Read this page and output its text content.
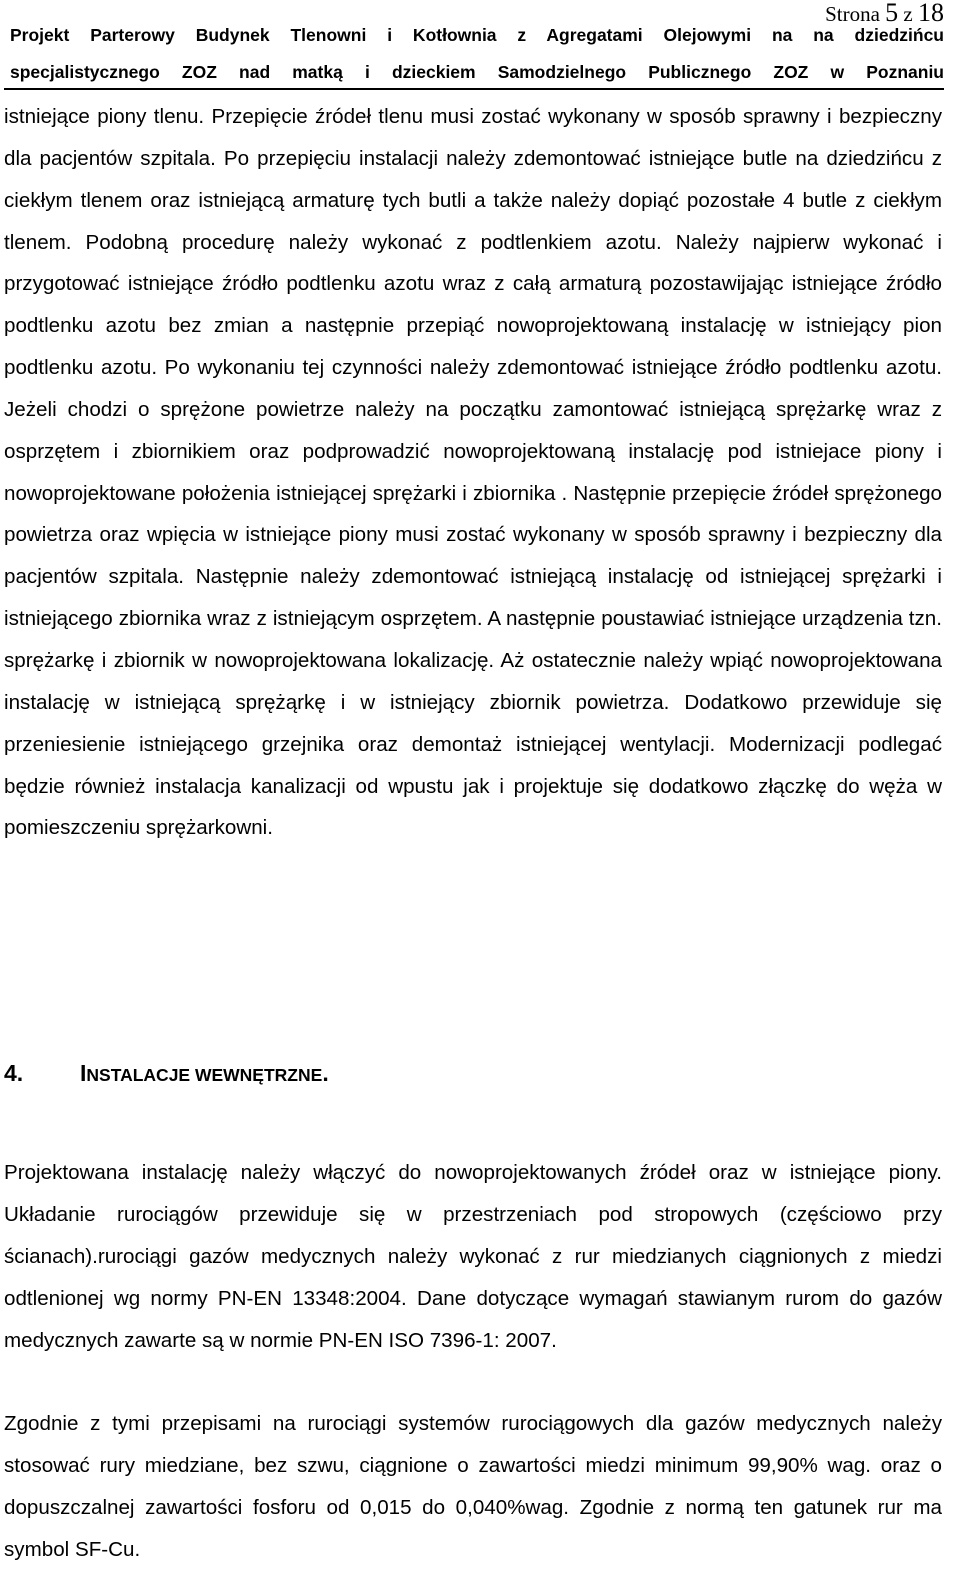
Strona 5 z 18
Projekt Parterowy Budynek Tlenowni i Kotłownia z Agregatami Olejowymi na na dziedzińcu
specjalistycznego ZOZ nad matką i dzieckiem Samodzielnego Publicznego ZOZ w Poznaniu
istniejące piony tlenu. Przepięcie źródeł tlenu musi zostać wykonany w sposób sprawny i bezpieczny dla pacjentów szpitala. Po przepięciu instalacji należy zdemontować istniejące butle na dziedzińcu z ciekłym tlenem oraz istniejącą armaturę tych butli a także należy dopiąć pozostałe 4 butle z ciekłym tlenem. Podobną procedurę należy wykonać z podtlenkiem azotu. Należy najpierw wykonać i przygotować istniejące źródło podtlenku azotu wraz z całą armaturą pozostawijając istniejące źródło podtlenku azotu bez zmian a następnie przepiąć nowoprojektowaną instalację w istniejący pion podtlenku azotu. Po wykonaniu tej czynności należy zdemontować istniejące źródło podtlenku azotu. Jeżeli chodzi o sprężone powietrze należy na początku zamontować istniejącą sprężarkę wraz z osprzętem i zbiornikiem oraz podprowadzić nowoprojektowaną instalację pod istniejace piony i nowoprojektowane położenia istniejącej sprężarki i zbiornika . Następnie przepięcie źródeł sprężonego powietrza oraz wpięcia w istniejące piony musi zostać wykonany w sposób sprawny i bezpieczny dla pacjentów szpitala. Następnie należy zdemontować istniejącą instalację od istniejącej sprężarki i istniejącego zbiornika wraz z istniejącym osprzętem. A następnie poustawiać istniejące urządzenia tzn. sprężarkę i zbiornik w nowoprojektowana lokalizację. Aż ostatecznie należy wpiąć nowoprojektowana instalację w istniejącą sprężąrkę i w istniejący zbiornik powietrza. Dodatkowo przewiduje się przeniesienie istniejącego grzejnika oraz demontaż istniejącej wentylacji. Modernizacji podlegać będzie również instalacja kanalizacji od wpustu jak i projektuje się dodatkowo złączkę do węża w pomieszczeniu sprężarkowni.
4. INSTALACJE WEWNĘTRZNE.
Projektowana instalację należy włączyć do nowoprojektowanych źródeł oraz w istniejące piony. Układanie rurociągów przewiduje się w przestrzeniach pod stropowych (częściowo przy ścianach).rurociągi gazów medycznych należy wykonać z rur miedzianych ciągnionych z miedzi odtlenionej wg normy PN-EN 13348:2004. Dane dotyczące wymagań stawianym rurom do gazów medycznych zawarte są w normie PN-EN ISO 7396-1: 2007.
Zgodnie z tymi przepisami na rurociągi systemów rurociągowych dla gazów medycznych należy stosować rury miedziane, bez szwu, ciągnione o zawartości miedzi minimum 99,90% wag. oraz o dopuszczalnej zawartości fosforu od 0,015 do 0,040%wag. Zgodnie z normą ten gatunek rur ma symbol SF-Cu.
